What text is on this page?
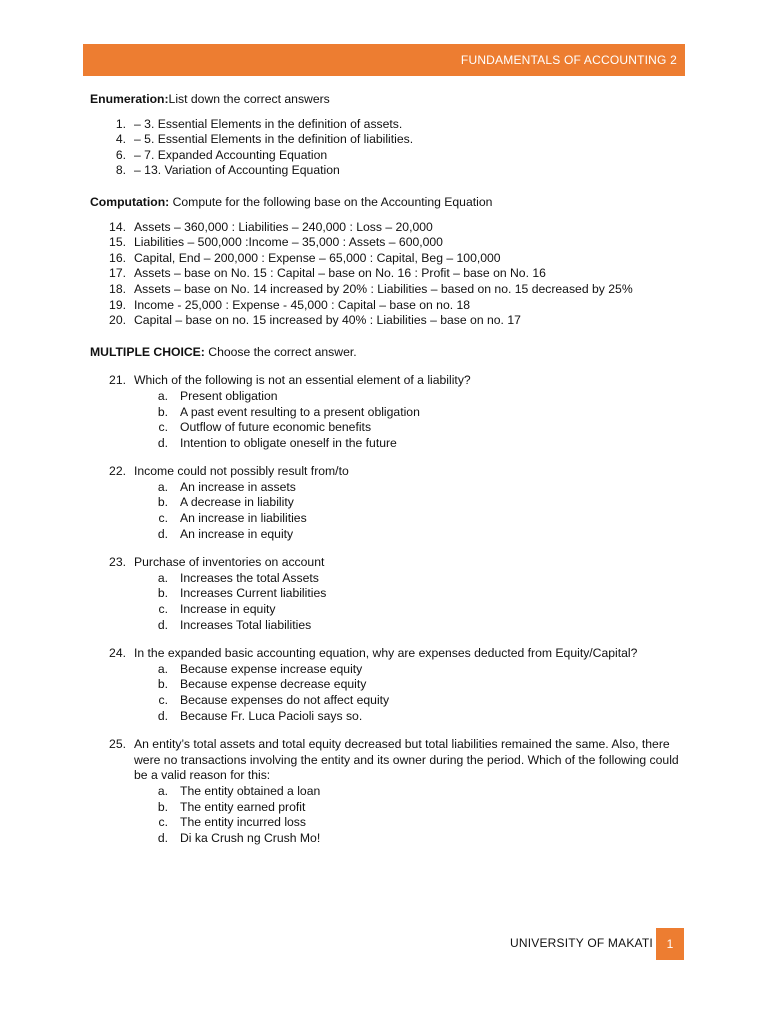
FUNDAMENTALS OF ACCOUNTING 2
Enumeration:List down the correct answers
1. – 3. Essential Elements in the definition of assets.
4. – 5. Essential Elements in the definition of liabilities.
6. – 7. Expanded Accounting Equation
8. – 13. Variation of Accounting Equation
Computation: Compute for the following base on the Accounting Equation
14. Assets – 360,000 : Liabilities – 240,000 : Loss – 20,000
15. Liabilities – 500,000 :Income – 35,000 : Assets – 600,000
16. Capital, End – 200,000 : Expense – 65,000 : Capital, Beg – 100,000
17. Assets – base on No. 15 : Capital – base on No. 16 : Profit – base on No. 16
18. Assets – base on No. 14 increased by 20% : Liabilities – based on no. 15 decreased by 25%
19. Income - 25,000 : Expense - 45,000 : Capital – base on no. 18
20. Capital – base on no. 15 increased by 40% : Liabilities – base on no. 17
MULTIPLE CHOICE: Choose the correct answer.
21. Which of the following is not an essential element of a liability?
a. Present obligation
b. A past event resulting to a present obligation
c. Outflow of future economic benefits
d. Intention to obligate oneself in the future
22. Income could not possibly result from/to
a. An increase in assets
b. A decrease in liability
c. An increase in liabilities
d. An increase in equity
23. Purchase of inventories on account
a. Increases the total Assets
b. Increases Current liabilities
c. Increase in equity
d. Increases Total liabilities
24. In the expanded basic accounting equation, why are expenses deducted from Equity/Capital?
a. Because expense increase equity
b. Because expense decrease equity
c. Because expenses do not affect equity
d. Because Fr. Luca Pacioli says so.
25. An entity’s total assets and total equity decreased but total liabilities remained the same. Also, there were no transactions involving the entity and its owner during the period. Which of the following could be a valid reason for this:
a. The entity obtained a loan
b. The entity earned profit
c. The entity incurred loss
d. Di ka Crush ng Crush Mo!
UNIVERSITY OF MAKATI	1
